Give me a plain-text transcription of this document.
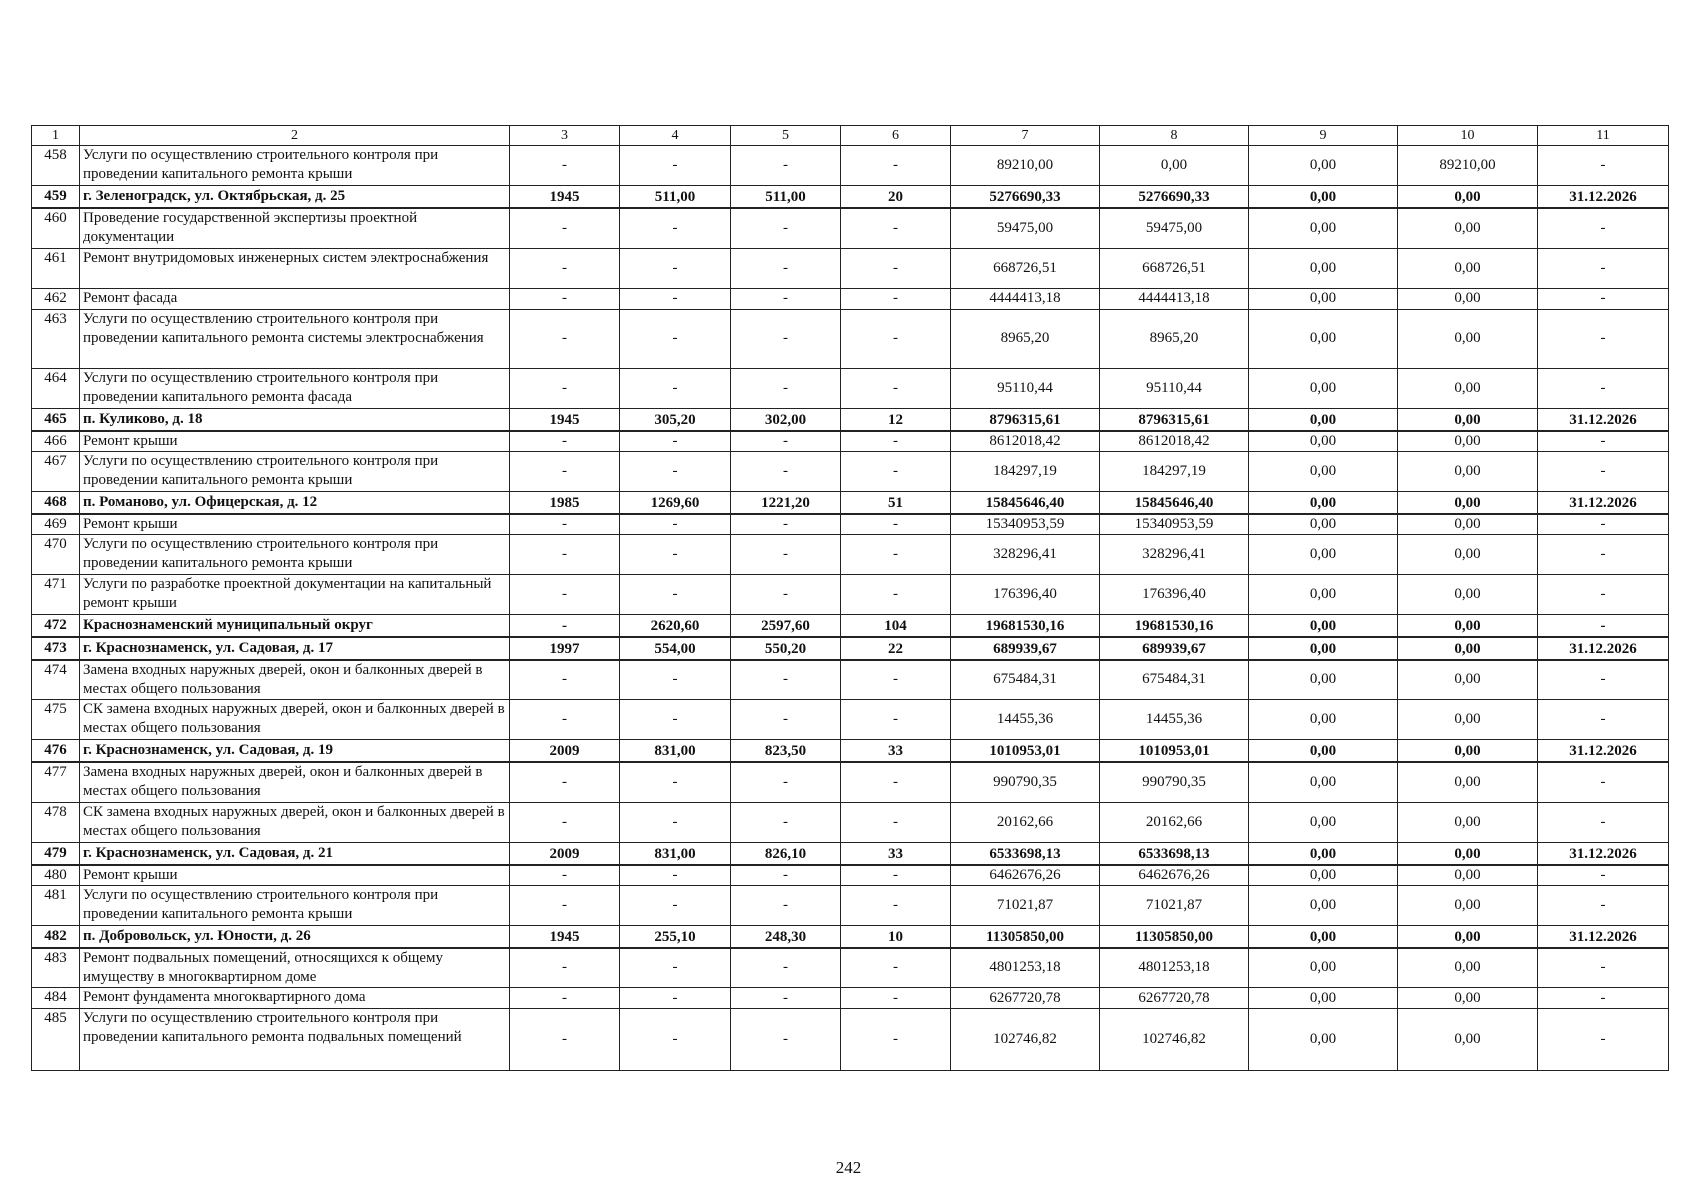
1	2	3	4	5	6	7	8	9	10	11
458	Услуги по осуществлению строительного контроля при проведении капитального ремонта крыши	-	-	-	-	89210,00	0,00	0,00	89210,00	-
459	г. Зеленоградск, ул. Октябрьская, д. 25	1945	511,00	511,00	20	5276690,33	5276690,33	0,00	0,00	31.12.2026
460	Проведение государственной экспертизы проектной документации	-	-	-	-	59475,00	59475,00	0,00	0,00	-
461	Ремонт внутридомовых инженерных систем электроснабжения	-	-	-	-	668726,51	668726,51	0,00	0,00	-
462	Ремонт фасада	-	-	-	-	4444413,18	4444413,18	0,00	0,00	-
463	Услуги по осуществлению строительного контроля при проведении капитального ремонта системы электроснабжения	-	-	-	-	8965,20	8965,20	0,00	0,00	-
464	Услуги по осуществлению строительного контроля при проведении капитального ремонта фасада	-	-	-	-	95110,44	95110,44	0,00	0,00	-
465	п. Куликово, д. 18	1945	305,20	302,00	12	8796315,61	8796315,61	0,00	0,00	31.12.2026
466	Ремонт крыши	-	-	-	-	8612018,42	8612018,42	0,00	0,00	-
467	Услуги по осуществлению строительного контроля при проведении капитального ремонта крыши	-	-	-	-	184297,19	184297,19	0,00	0,00	-
468	п. Романово, ул. Офицерская, д. 12	1985	1269,60	1221,20	51	15845646,40	15845646,40	0,00	0,00	31.12.2026
469	Ремонт крыши	-	-	-	-	15340953,59	15340953,59	0,00	0,00	-
470	Услуги по осуществлению строительного контроля при проведении капитального ремонта крыши	-	-	-	-	328296,41	328296,41	0,00	0,00	-
471	Услуги по разработке проектной документации на капитальный ремонт крыши	-	-	-	-	176396,40	176396,40	0,00	0,00	-
472	Краснознаменский муниципальный округ	-	2620,60	2597,60	104	19681530,16	19681530,16	0,00	0,00	-
473	г. Краснознаменск, ул. Садовая, д. 17	1997	554,00	550,20	22	689939,67	689939,67	0,00	0,00	31.12.2026
474	Замена входных наружных дверей, окон и балконных дверей в местах общего пользования	-	-	-	-	675484,31	675484,31	0,00	0,00	-
475	СК замена входных наружных дверей, окон и балконных дверей в местах общего пользования	-	-	-	-	14455,36	14455,36	0,00	0,00	-
476	г. Краснознаменск, ул. Садовая, д. 19	2009	831,00	823,50	33	1010953,01	1010953,01	0,00	0,00	31.12.2026
477	Замена входных наружных дверей, окон и балконных дверей в местах общего пользования	-	-	-	-	990790,35	990790,35	0,00	0,00	-
478	СК замена входных наружных дверей, окон и балконных дверей в местах общего пользования	-	-	-	-	20162,66	20162,66	0,00	0,00	-
479	г. Краснознаменск, ул. Садовая, д. 21	2009	831,00	826,10	33	6533698,13	6533698,13	0,00	0,00	31.12.2026
480	Ремонт крыши	-	-	-	-	6462676,26	6462676,26	0,00	0,00	-
481	Услуги по осуществлению строительного контроля при проведении капитального ремонта крыши	-	-	-	-	71021,87	71021,87	0,00	0,00	-
482	п. Добровольск, ул. Юности, д. 26	1945	255,10	248,30	10	11305850,00	11305850,00	0,00	0,00	31.12.2026
483	Ремонт подвальных помещений, относящихся к общему имуществу в многоквартирном доме	-	-	-	-	4801253,18	4801253,18	0,00	0,00	-
484	Ремонт фундамента многоквартирного дома	-	-	-	-	6267720,78	6267720,78	0,00	0,00	-
485	Услуги по осуществлению строительного контроля при проведении капитального ремонта подвальных помещений	-	-	-	-	102746,82	102746,82	0,00	0,00	-
242
